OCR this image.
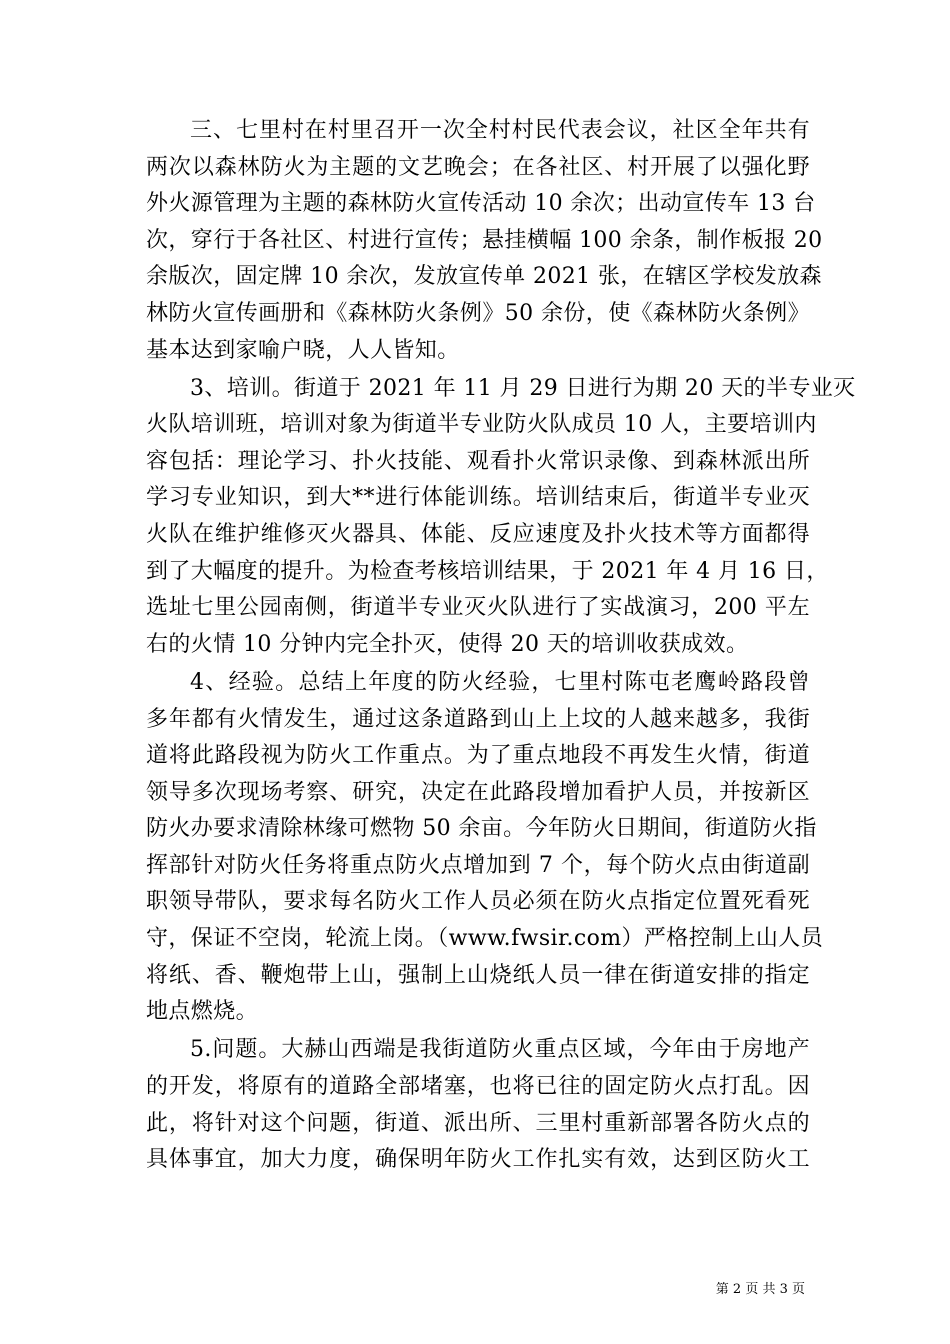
三、七里村在村里召开一次全村村民代表会议，社区全年共有
两次以森林防火为主题的文艺晚会；在各社区、村开展了以强化野
外火源管理为主题的森林防火宣传活动 10 余次；出动宣传车 13 台
次，穿行于各社区、村进行宣传；悬挂横幅 100 余条，制作板报 20
余版次，固定牌 10 余次，发放宣传单 2021 张，在辖区学校发放森
林防火宣传画册和《森林防火条例》50 余份，使《森林防火条例》
基本达到家喻户晓，人人皆知。

3、培训。街道于 2021 年 11 月 29 日进行为期 20 天的半专业灭
火队培训班，培训对象为街道半专业防火队成员 10 人，主要培训内
容包括：理论学习、扑火技能、观看扑火常识录像、到森林派出所
学习专业知识，到大**进行体能训练。培训结束后，街道半专业灭
火队在维护维修灭火器具、体能、反应速度及扑火技术等方面都得
到了大幅度的提升。为检查考核培训结果，于 2021 年 4 月 16 日，
选址七里公园南侧，街道半专业灭火队进行了实战演习，200 平左
右的火情 10 分钟内完全扑灭，使得 20 天的培训收获成效。

4、经验。总结上年度的防火经验，七里村陈屯老鹰岭路段曾
多年都有火情发生，通过这条道路到山上上坟的人越来越多，我街
道将此路段视为防火工作重点。为了重点地段不再发生火情，街道
领导多次现场考察、研究，决定在此路段增加看护人员，并按新区
防火办要求清除林缘可燃物 50 余亩。今年防火日期间，街道防火指
挥部针对防火任务将重点防火点增加到 7 个，每个防火点由街道副
职领导带队，要求每名防火工作人员必须在防火点指定位置死看死
守，保证不空岗，轮流上岗。（www.fwsir.com）严格控制上山人员
将纸、香、鞭炮带上山，强制上山烧纸人员一律在街道安排的指定
地点燃烧。

5.问题。大赫山西端是我街道防火重点区域，今年由于房地产
的开发，将原有的道路全部堵塞，也将已往的固定防火点打乱。因
此，将针对这个问题，街道、派出所、三里村重新部署各防火点的
具体事宜，加大力度，确保明年防火工作扎实有效，达到区防火工

第 2 页 共 3 页
